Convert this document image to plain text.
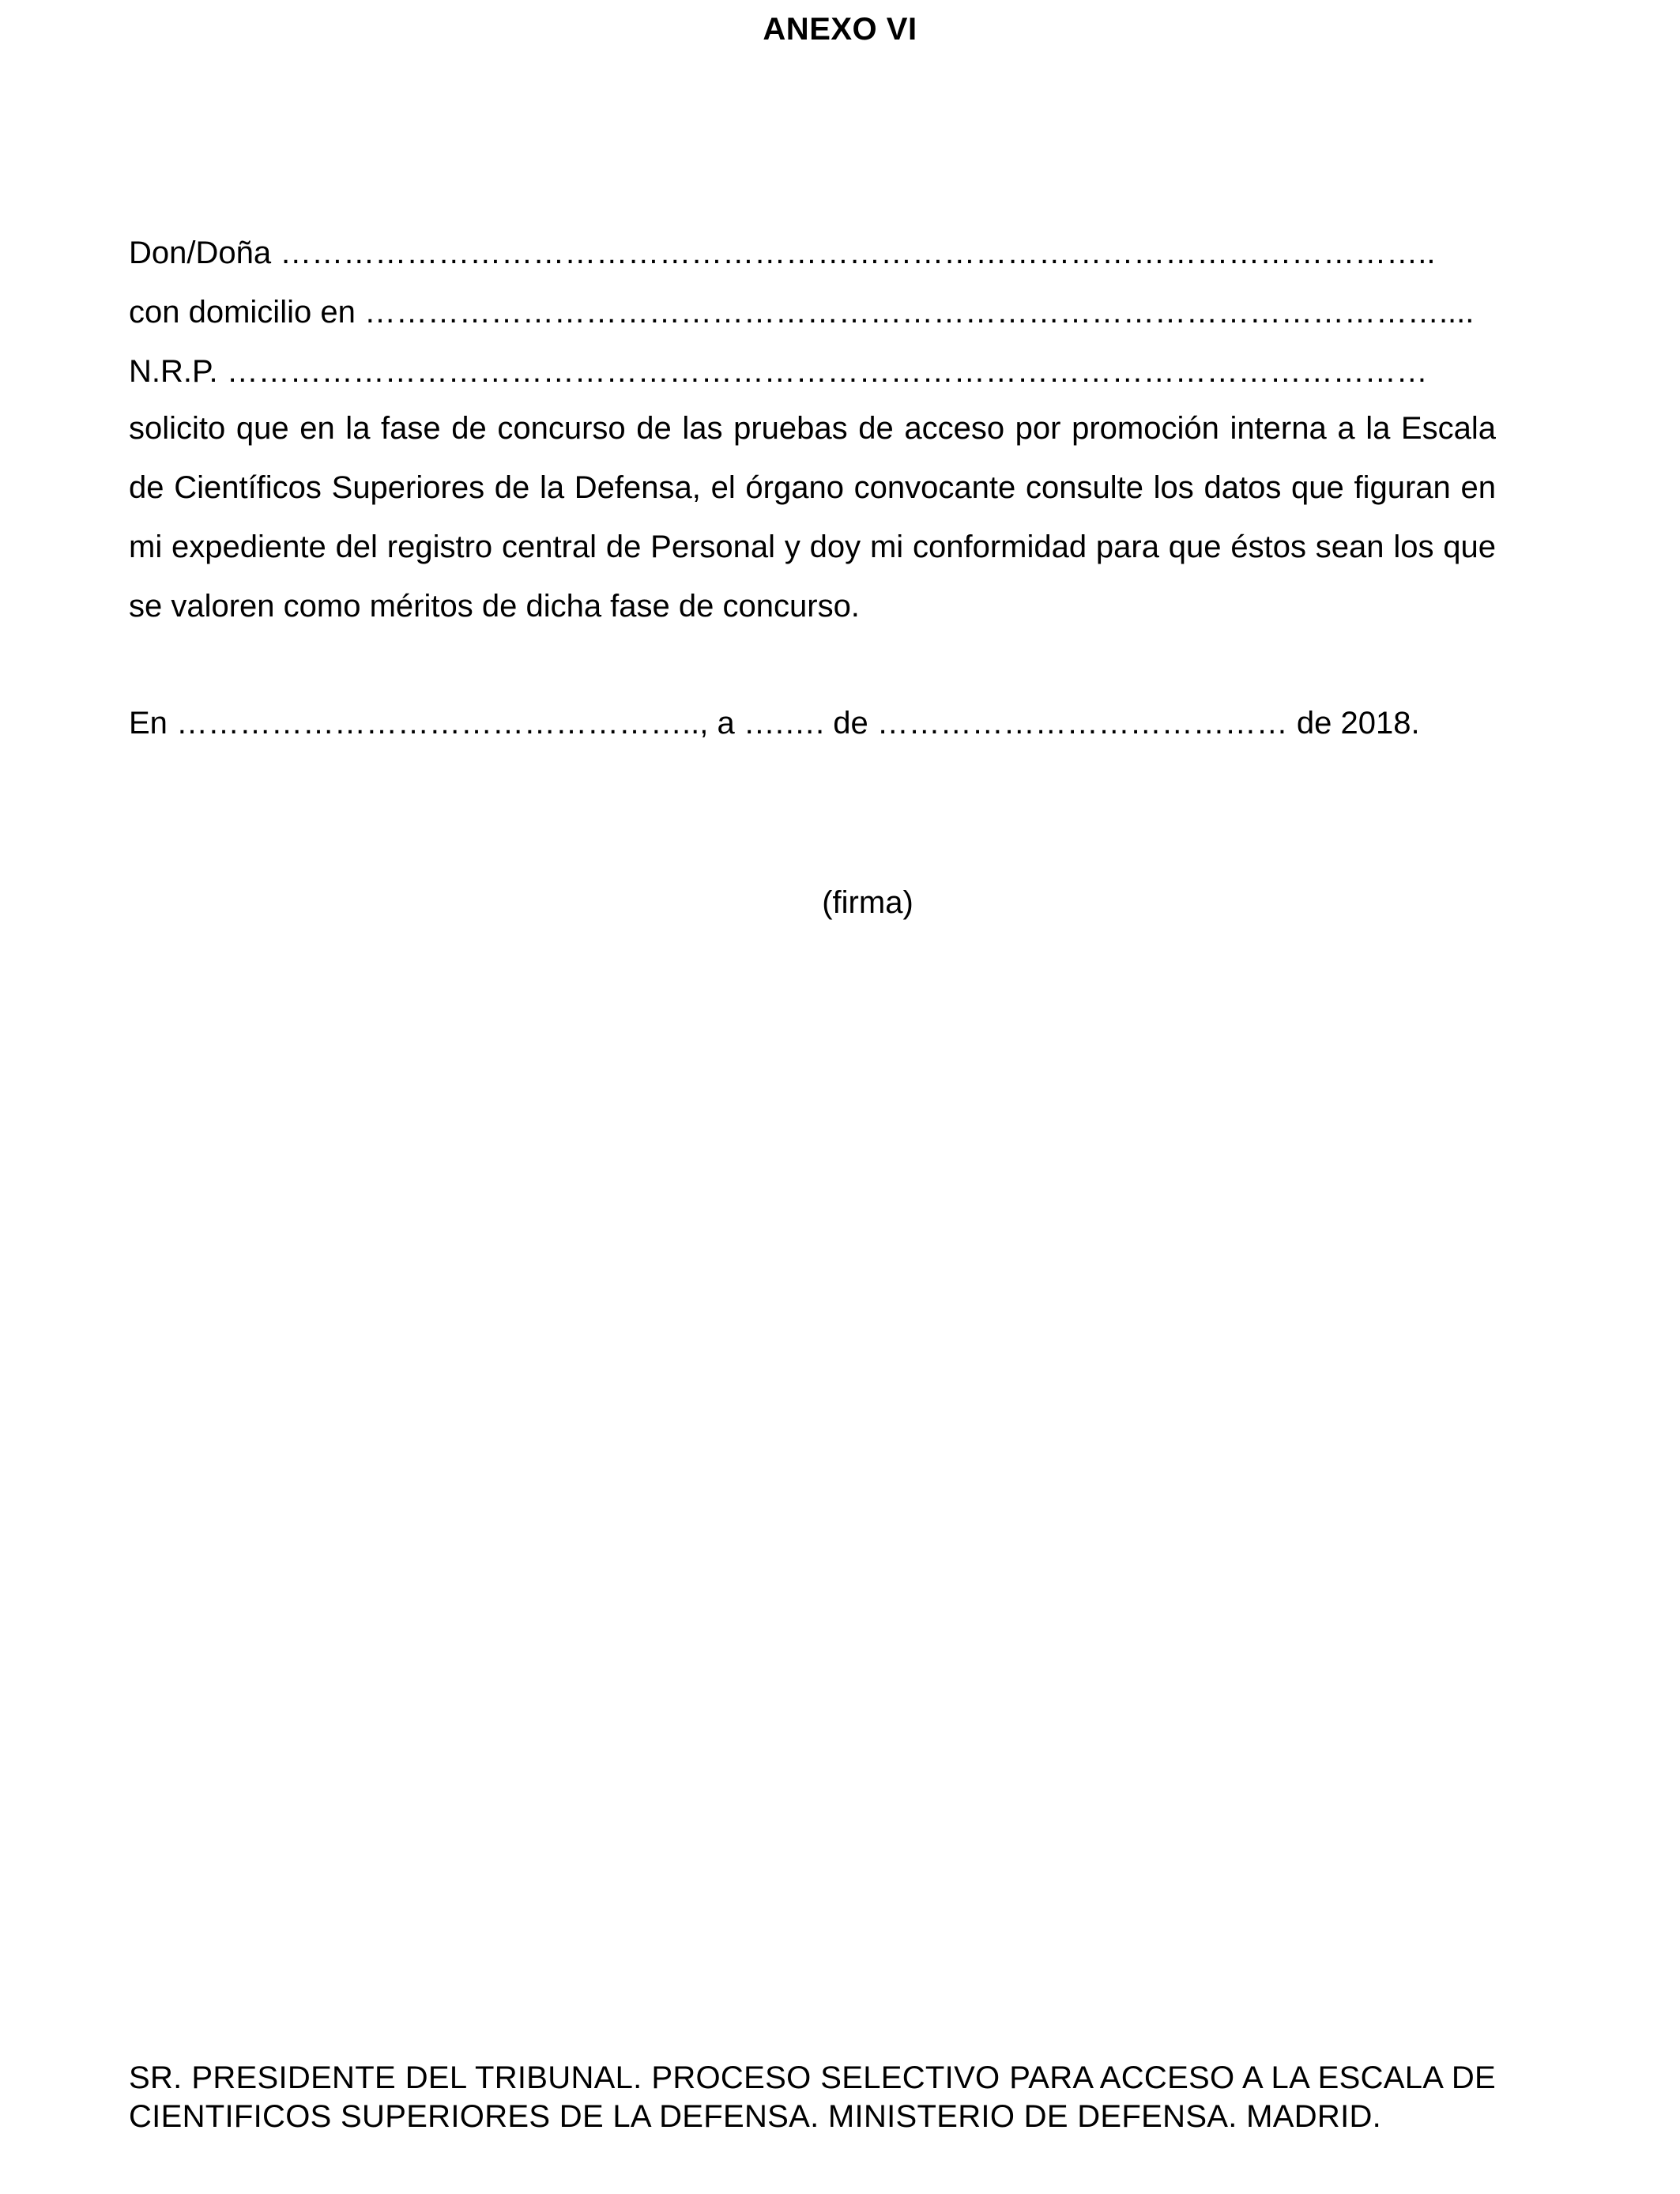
ANEXO VI
Don/Doña ………………………………………………………………………………………………..
con domicilio en …………………………………………………………………………………………....
N.R.P. ……………………………………………………………………………………………………
solicito que en la fase de concurso de las pruebas de acceso por promoción interna a la Escala de Científicos Superiores de la Defensa, el órgano convocante consulte los datos que figuran en mi expediente del registro central de Personal y doy mi conformidad para que éstos sean los que se valoren como méritos de dicha fase de concurso.
En ………………………………………….., a ….…. de ………………………………… de 2018.
(firma)
SR. PRESIDENTE DEL TRIBUNAL. PROCESO SELECTIVO PARA ACCESO A LA ESCALA DE CIENTIFICOS SUPERIORES DE LA DEFENSA. MINISTERIO DE DEFENSA. MADRID.
